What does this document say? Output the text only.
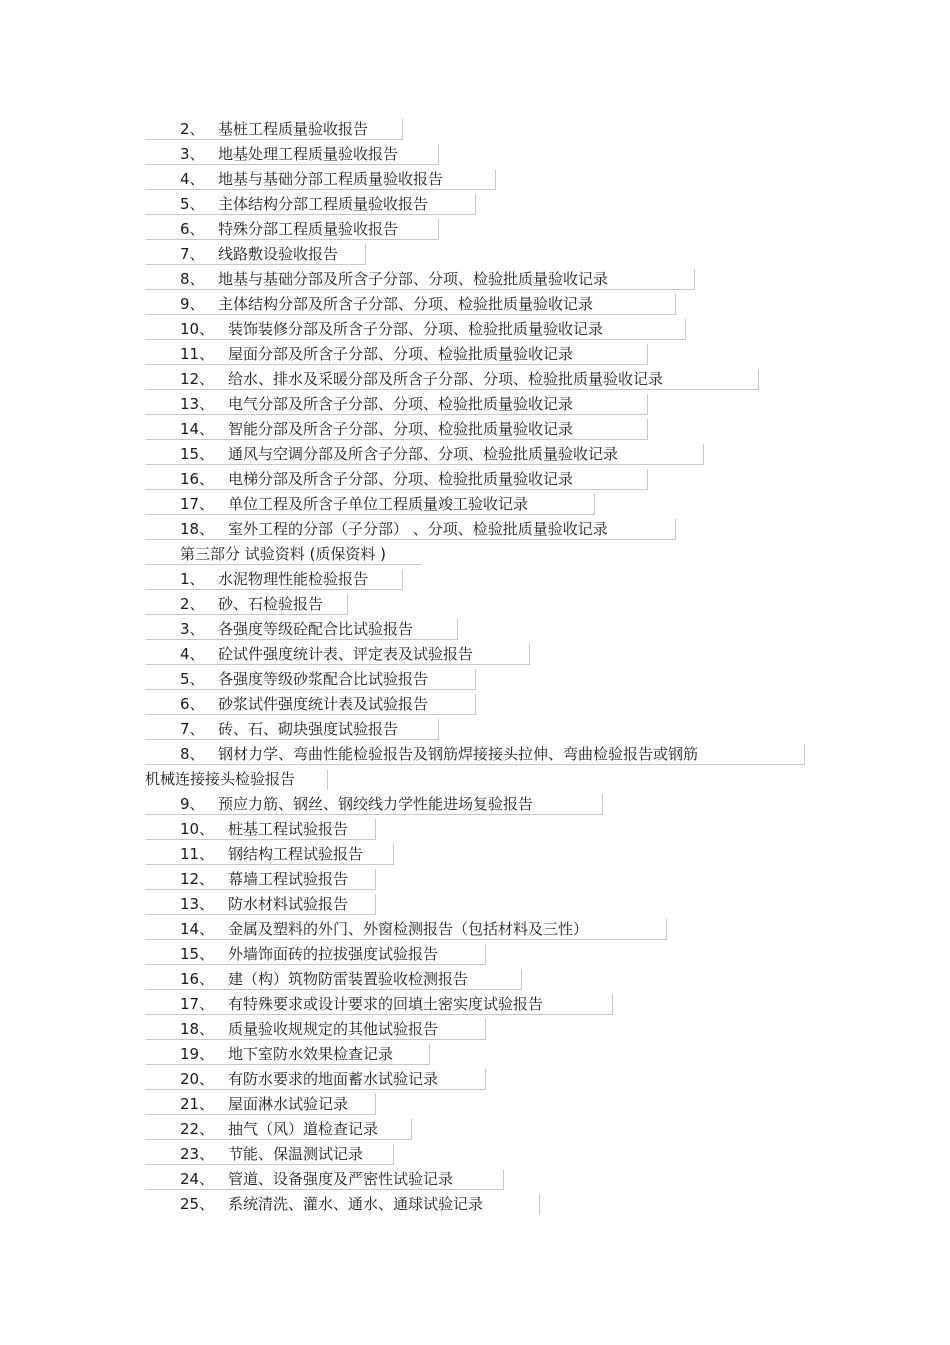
2、 基桩工程质量验收报告
3、 地基处理工程质量验收报告
4、 地基与基础分部工程质量验收报告
5、 主体结构分部工程质量验收报告
6、 特殊分部工程质量验收报告
7、 线路敷设验收报告
8、 地基与基础分部及所含子分部、分项、检验批质量验收记录
9、 主体结构分部及所含子分部、分项、检验批质量验收记录
10、 装饰装修分部及所含子分部、分项、检验批质量验收记录
11、 屋面分部及所含子分部、分项、检验批质量验收记录
12、 给水、排水及采暖分部及所含子分部、分项、检验批质量验收记录
13、 电气分部及所含子分部、分项、检验批质量验收记录
14、 智能分部及所含子分部、分项、检验批质量验收记录
15、 通风与空调分部及所含子分部、分项、检验批质量验收记录
16、 电梯分部及所含子分部、分项、检验批质量验收记录
17、 单位工程及所含子单位工程质量竣工验收记录
18、 室外工程的分部（子分部） 、分项、检验批质量验收记录
第三部分 试验资料 (质保资料 )
1、 水泥物理性能检验报告
2、 砂、石检验报告
3、 各强度等级砼配合比试验报告
4、 砼试件强度统计表、评定表及试验报告
5、 各强度等级砂浆配合比试验报告
6、 砂浆试件强度统计表及试验报告
7、 砖、石、砌块强度试验报告
8、 钢材力学、弯曲性能检验报告及钢筋焊接接头拉伸、弯曲检验报告或钢筋
机械连接接头检验报告
9、 预应力筋、钢丝、钢绞线力学性能进场复验报告
10、 桩基工程试验报告
11、 钢结构工程试验报告
12、 幕墙工程试验报告
13、 防水材料试验报告
14、 金属及塑料的外门、外窗检测报告（包括材料及三性）
15、 外墙饰面砖的拉拔强度试验报告
16、 建（构）筑物防雷装置验收检测报告
17、 有特殊要求或设计要求的回填土密实度试验报告
18、 质量验收规规定的其他试验报告
19、 地下室防水效果检查记录
20、 有防水要求的地面蓄水试验记录
21、 屋面淋水试验记录
22、 抽气（风）道检查记录
23、 节能、保温测试记录
24、 管道、设备强度及严密性试验记录
25、 系统清洗、灌水、通水、通球试验记录
